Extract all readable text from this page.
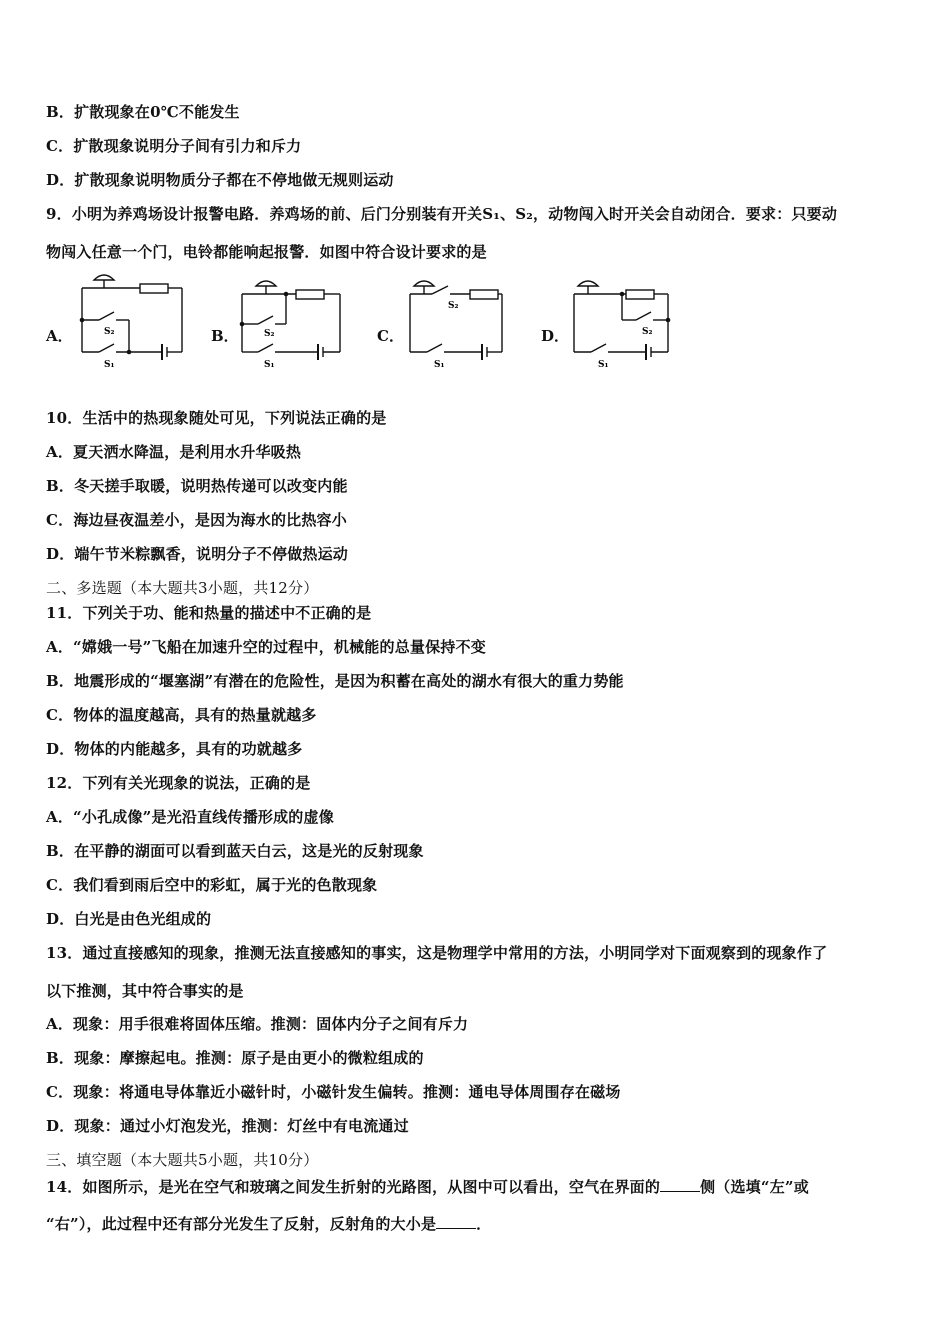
B．扩散现象在0℃不能发生
C．扩散现象说明分子间有引力和斥力
D．扩散现象说明物质分子都在不停地做无规则运动
9．小明为养鸡场设计报警电路．养鸡场的前、后门分别装有开关S₁、S₂，动物闯入时开关会自动闭合．要求：只要动
物闯入任意一个门，电铃都能响起报警．如图中符合设计要求的是
A．	B．	C．	D．
S₂
S₁
S₂
S₁
S₂
S₁
S₂
S₁
10．生活中的热现象随处可见，下列说法正确的是
A．夏天洒水降温，是利用水升华吸热
B．冬天搓手取暖，说明热传递可以改变内能
C．海边昼夜温差小，是因为海水的比热容小
D．端午节米粽飘香，说明分子不停做热运动
二、多选题（本大题共3小题，共12分）
11．下列关于功、能和热量的描述中不正确的是
A．“嫦娥一号”飞船在加速升空的过程中，机械能的总量保持不变
B．地震形成的“堰塞湖”有潜在的危险性，是因为积蓄在高处的湖水有很大的重力势能
C．物体的温度越高，具有的热量就越多
D．物体的内能越多，具有的功就越多
12．下列有关光现象的说法，正确的是
A．“小孔成像”是光沿直线传播形成的虚像
B．在平静的湖面可以看到蓝天白云，这是光的反射现象
C．我们看到雨后空中的彩虹，属于光的色散现象
D．白光是由色光组成的
13．通过直接感知的现象，推测无法直接感知的事实，这是物理学中常用的方法，小明同学对下面观察到的现象作了
以下推测，其中符合事实的是
A．现象：用手很难将固体压缩。推测：固体内分子之间有斥力
B．现象：摩擦起电。推测：原子是由更小的微粒组成的
C．现象：将通电导体靠近小磁针时，小磁针发生偏转。推测：通电导体周围存在磁场
D．现象：通过小灯泡发光，推测：灯丝中有电流通过
三、填空题（本大题共5小题，共10分）
14．如图所示，是光在空气和玻璃之间发生折射的光路图，从图中可以看出，空气在界面的	侧（选填“左”或
“右”），此过程中还有部分光发生了反射，反射角的大小是	．
